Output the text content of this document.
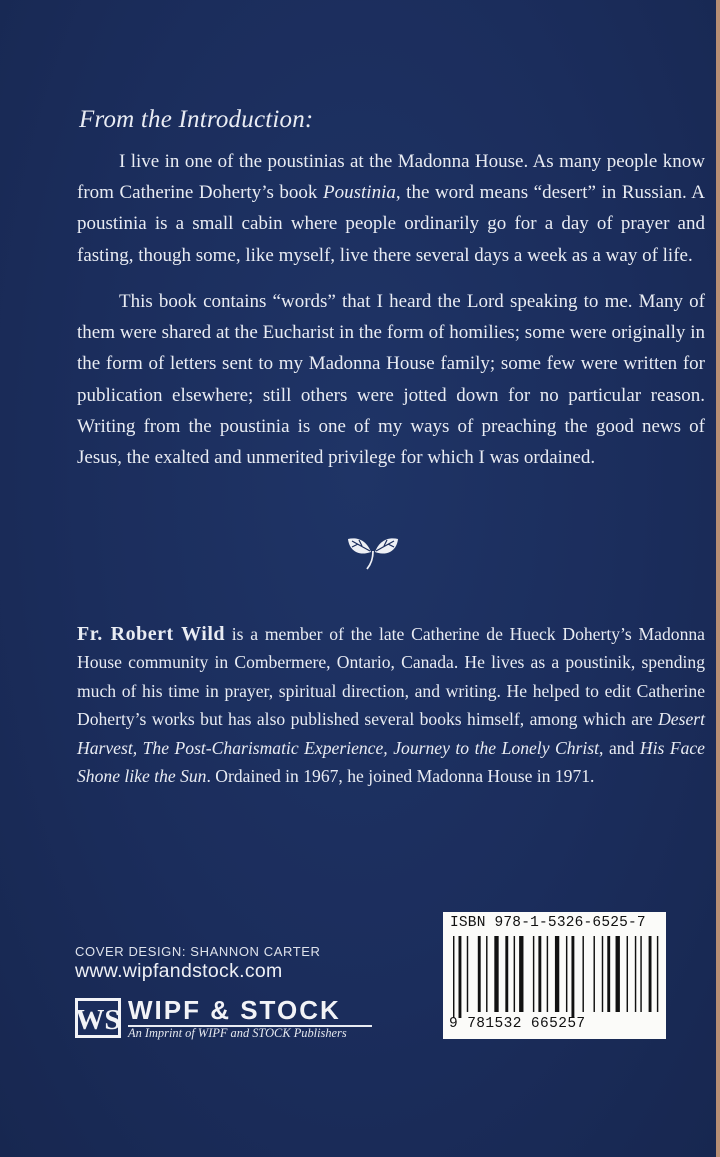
From the Introduction:

I live in one of the poustinias at the Madonna House. As many people know from Catherine Doherty’s book Poustinia, the word means “desert” in Russian. A poustinia is a small cabin where people ordinarily go for a day of prayer and fasting, though some, like myself, live there several days a week as a way of life.

This book contains “words” that I heard the Lord speaking to me. Many of them were shared at the Eucharist in the form of homilies; some were originally in the form of letters sent to my Madonna House family; some few were written for publication elsewhere; still others were jotted down for no particular reason. Writing from the poustinia is one of my ways of preaching the good news of Jesus, the exalted and unmerited privilege for which I was ordained.

Fr. Robert Wild is a member of the late Catherine de Hueck Doherty’s Madonna House community in Combermere, Ontario, Canada. He lives as a poustinik, spending much of his time in prayer, spiritual direction, and writing. He helped to edit Catherine Doherty’s works but has also published several books himself, among which are Desert Harvest, The Post-Charismatic Experience, Journey to the Lonely Christ, and His Face Shone like the Sun. Ordained in 1967, he joined Madonna House in 1971.

COVER DESIGN: SHANNON CARTER

www.wipfandstock.com

WS WIPF & STOCK

An Imprint of WIPF and STOCK Publishers

ISBN 978-1-5326-6525-7

9 781532 665257
